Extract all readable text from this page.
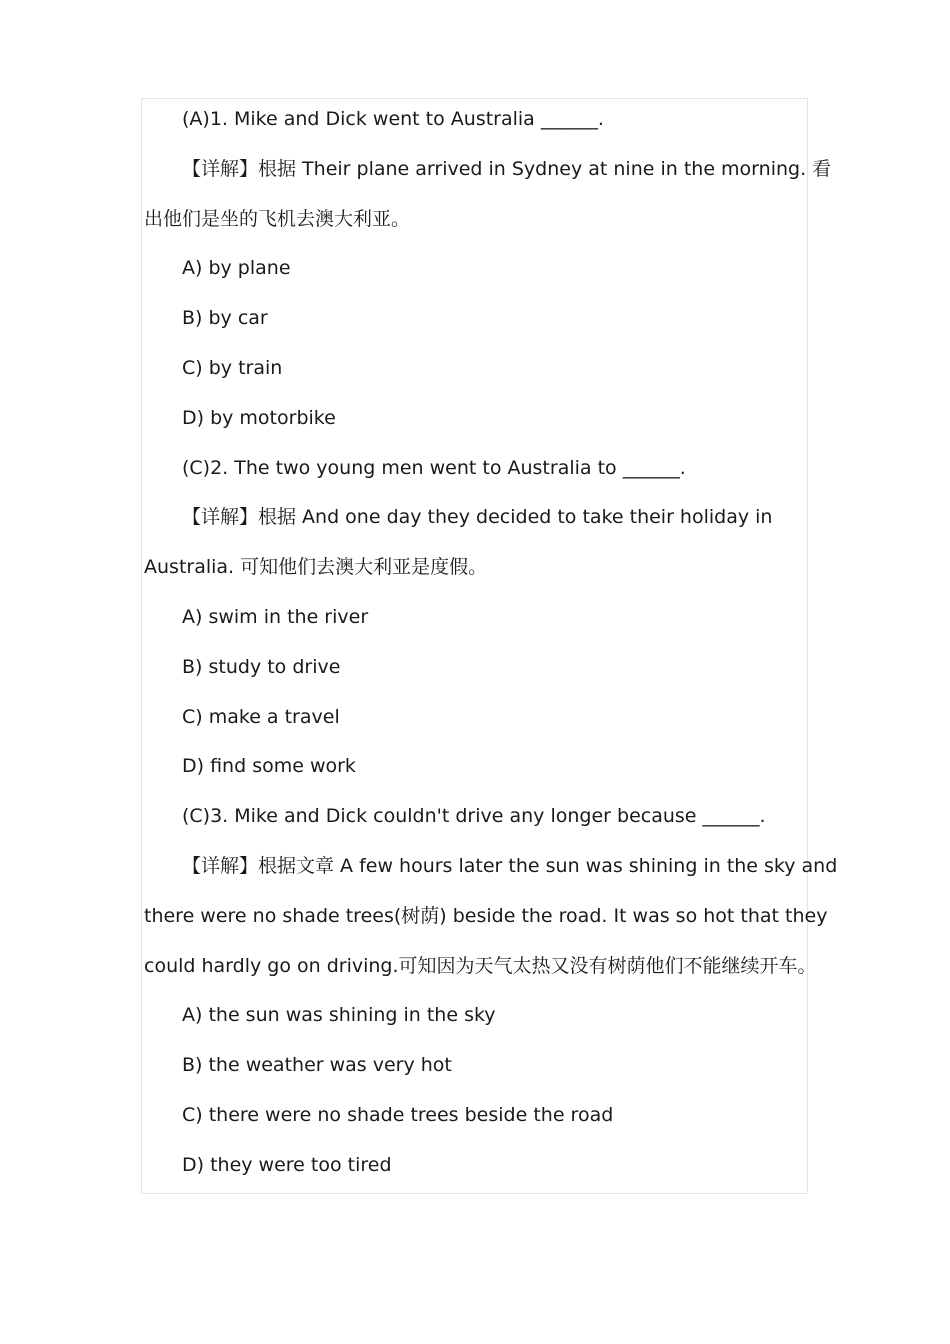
(A)1. Mike and Dick went to Australia ______.
【详解】根据 Their plane arrived in Sydney at nine in the morning. 看
出他们是坐的飞机去澳大利亚。
A) by plane
B) by car
C) by train
D) by motorbike
(C)2. The two young men went to Australia to ______.
【详解】根据 And one day they decided to take their holiday in
Australia. 可知他们去澳大利亚是度假。
A) swim in the river
B) study to drive
C) make a travel
D) find some work
(C)3. Mike and Dick couldn't drive any longer because ______.
【详解】根据文章 A few hours later the sun was shining in the sky and
there were no shade trees(树荫) beside the road. It was so hot that they
could hardly go on driving.可知因为天气太热又没有树荫他们不能继续开车。
A) the sun was shining in the sky
B) the weather was very hot
C) there were no shade trees beside the road
D) they were too tired
